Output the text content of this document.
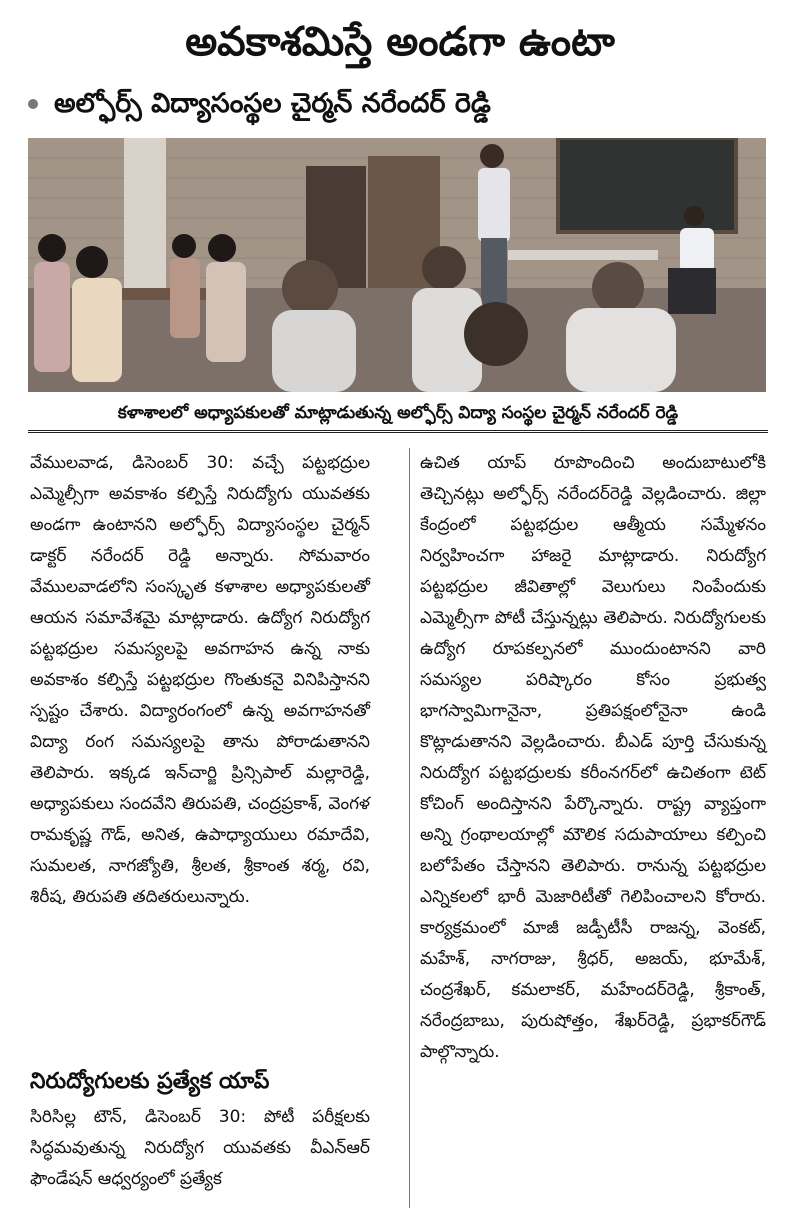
అవకాశమిస్తే అండగా ఉంటా
అల్ఫోర్స్ విద్యాసంస్థల చైర్మన్ నరేందర్ రెడ్డి
కళాశాలలో అధ్యాపకులతో మాట్లాడుతున్న అల్ఫోర్స్ విద్యా సంస్థల చైర్మన్ నరేందర్ రెడ్డి

వేములవాడ, డిసెంబర్ 30: వచ్చే పట్టభద్రుల ఎమ్మెల్సీగా అవకాశం కల్పిస్తే నిరుద్యోగు యువతకు అండగా ఉంటానని అల్ఫోర్స్ విద్యాసంస్థల చైర్మన్ డాక్టర్ నరేందర్ రెడ్డి అన్నారు. సోమవారం వేములవాడలోని సంస్కృత కళాశాల అధ్యాపకులతో ఆయన సమావేశమై మాట్లాడారు. ఉద్యోగ నిరుద్యోగ పట్టభద్రుల సమస్యలపై అవగాహన ఉన్న నాకు అవకాశం కల్పిస్తే పట్టభద్రుల గొంతుకనై వినిపిస్తానని స్పష్టం చేశారు. విద్యారంగంలో ఉన్న అవగాహనతో విద్యా రంగ సమస్యలపై తాను పోరాడుతానని తెలిపారు. ఇక్కడ ఇన్‌చార్జి ప్రిన్సిపాల్ మల్లారెడ్డి, అధ్యాపకులు సందవేని తిరుపతి, చంద్రప్రకాశ్, వెంగళ రామకృష్ణ గౌడ్, అనిత, ఉపాధ్యాయులు రమాదేవి, సుమలత, నాగజ్యోతి, శ్రీలత, శ్రీకాంత శర్మ, రవి, శిరీష, తిరుపతి తదితరులున్నారు.

నిరుద్యోగులకు ప్రత్యేక యాప్

సిరిసిల్ల టౌన్, డిసెంబర్ 30: పోటీ పరీక్షలకు సిద్ధమవుతున్న నిరుద్యోగ యువతకు వీఎన్ఆర్ ఫౌండేషన్ ఆధ్వర్యంలో ప్రత్యేక

ఉచిత యాప్ రూపొందించి అందుబాటులోకి తెచ్చినట్లు అల్ఫోర్స్ నరేందర్‌రెడ్డి వెల్లడించారు. జిల్లా కేంద్రంలో పట్టభద్రుల ఆత్మీయ సమ్మేళనం నిర్వహించగా హాజరై మాట్లాడారు. నిరుద్యోగ పట్టభద్రుల జీవితాల్లో వెలుగులు నింపేందుకు ఎమ్మెల్సీగా పోటీ చేస్తున్నట్లు తెలిపారు. నిరుద్యోగులకు ఉద్యోగ రూపకల్పనలో ముందుంటానని వారి సమస్యల పరిష్కారం కోసం ప్రభుత్వ భాగస్వామిగానైనా, ప్రతిపక్షంలోనైనా ఉండి కొట్లాడుతానని వెల్లడించారు. బీఎడ్ పూర్తి చేసుకున్న నిరుద్యోగ పట్టభద్రులకు కరీంనగర్‌లో ఉచితంగా టెట్ కోచింగ్ అందిస్తానని పేర్కొన్నారు. రాష్ట్ర వ్యాప్తంగా అన్ని గ్రంథాలయాల్లో మౌలిక సదుపాయాలు కల్పించి బలోపేతం చేస్తానని తెలిపారు. రానున్న పట్టభద్రుల ఎన్నికలలో భారీ మెజారిటీతో గెలిపించాలని కోరారు. కార్యక్రమంలో మాజీ జడ్పీటీసీ రాజన్న, వెంకట్, మహేశ్, నాగరాజు, శ్రీధర్, అజయ్, భూమేశ్, చంద్రశేఖర్, కమలాకర్, మహేందర్‌రెడ్డి, శ్రీకాంత్, నరేంద్రబాబు, పురుషోత్తం, శేఖర్‌రెడ్డి, ప్రభాకర్‌గౌడ్ పాల్గొన్నారు.
